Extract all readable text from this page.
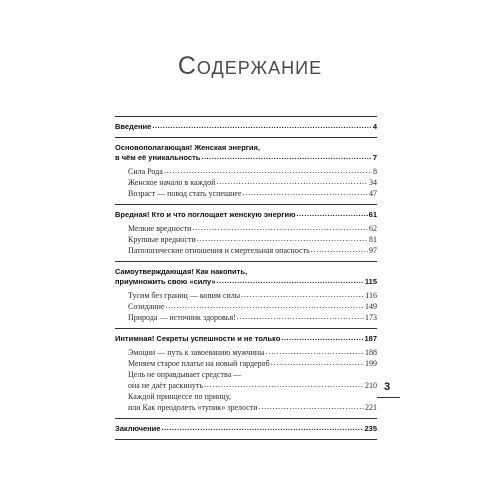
Содержание
Введение .....	4
Основополагающая! Женская энергия,
в чём её уникальность .....	7
Сила Рода .....	8
Женское начало в каждой .....	34
Возраст — повод стать успешнее .....	47
Вредная! Кто и что поглощает женскую энергию .....	61
Мелкие вредности .....	62
Крупные вредности .....	81
Патологические отношения и смертельная опасность .....	97
Самоутверждающая! Как накопить,
приумножить свою «силу» .....	115
Тусим без границ — копим силы .....	116
Созидание .....	149
Природа — источник здоровья! .....	173
Интимная! Секреты успешности и не только .....	187
Эмоции — путь к завоеванию мужчины .....	188
Меняем старое платье на новый гардероб .....	199
Цель не оправдывает средства —
она не даёт раскинуть .....	210
Каждой принцессе по принцу,
или Как преодолеть «тупик» зрелости .....	221
Заключение .....	235
3
